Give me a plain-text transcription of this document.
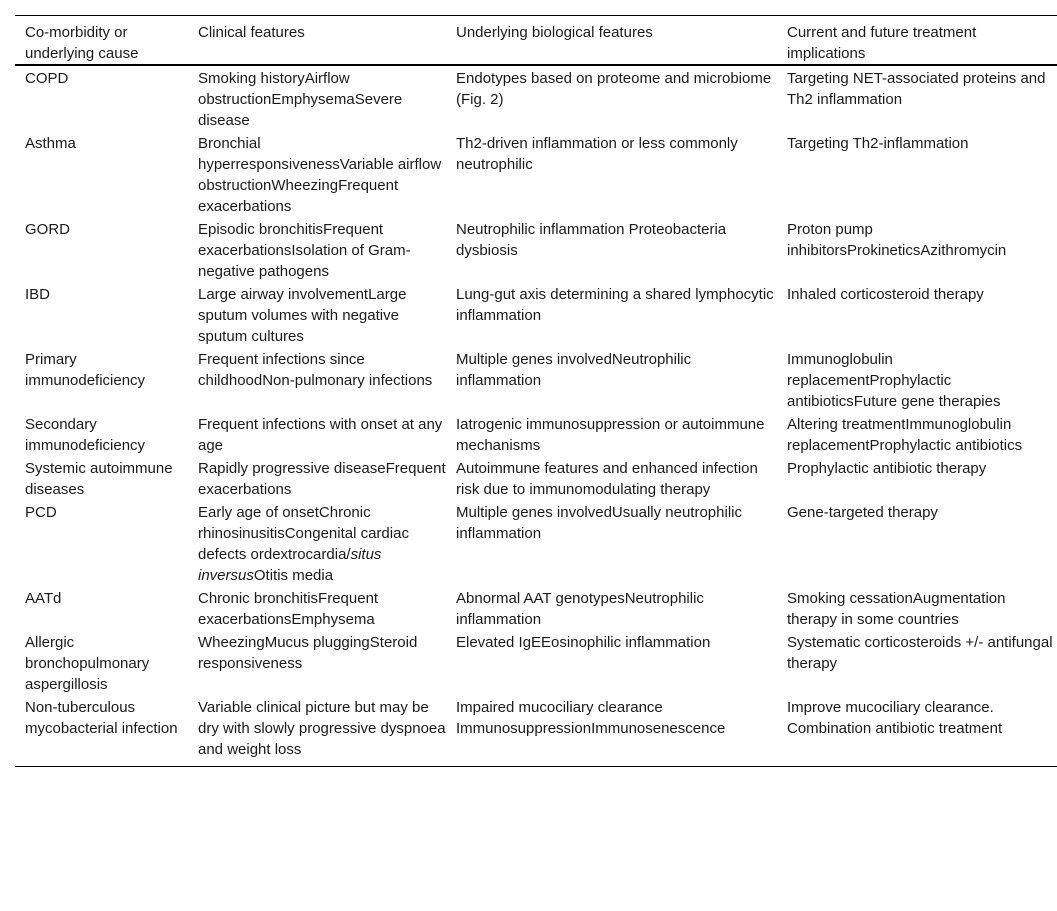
Co-morbidity or underlying cause	Clinical features	Underlying biological features	Current and future treatment implications
COPD	Smoking historyAirflow obstructionEmphysemaSevere disease	Endotypes based on proteome and microbiome (Fig. 2)	Targeting NET-associated proteins and Th2 inflammation
Asthma	Bronchial hyperresponsivenessVariable airflow obstructionWheezingFrequent exacerbations	Th2-driven inflammation or less commonly neutrophilic	Targeting Th2-inflammation
GORD	Episodic bronchitisFrequent exacerbationsIsolation of Gram-negative pathogens	Neutrophilic inflammation Proteobacteria dysbiosis	Proton pump inhibitorsProkineticsAzithromycin
IBD	Large airway involvementLarge sputum volumes with negative sputum cultures	Lung-gut axis determining a shared lymphocytic inflammation	Inhaled corticosteroid therapy
Primary immunodeficiency	Frequent infections since childhoodNon-pulmonary infections	Multiple genes involvedNeutrophilic inflammation	Immunoglobulin replacementProphylactic antibioticsFuture gene therapies
Secondary immunodeficiency	Frequent infections with onset at any age	Iatrogenic immunosuppression or autoimmune mechanisms	Altering treatmentImmunoglobulin replacementProphylactic antibiotics
Systemic autoimmune diseases	Rapidly progressive diseaseFrequent exacerbations	Autoimmune features and enhanced infection risk due to immunomodulating therapy	Prophylactic antibiotic therapy
PCD	Early age of onsetChronic rhinosinusitisCongenital cardiac defects ordextrocardia/situs inversusOtitis media	Multiple genes involvedUsually neutrophilic inflammation	Gene-targeted therapy
AATd	Chronic bronchitisFrequent exacerbationsEmphysema	Abnormal AAT genotypesNeutrophilic inflammation	Smoking cessationAugmentation therapy in some countries
Allergic bronchopulmonary aspergillosis	WheezingMucus pluggingSteroid responsiveness	Elevated IgEEosinophilic inflammation	Systematic corticosteroids +/- antifungal therapy
Non-tuberculous mycobacterial infection	Variable clinical picture but may be dry with slowly progressive dyspnoea and weight loss	Impaired mucociliary clearance ImmunosuppressionImmunosenescence	Improve mucociliary clearance. Combination antibiotic treatment
